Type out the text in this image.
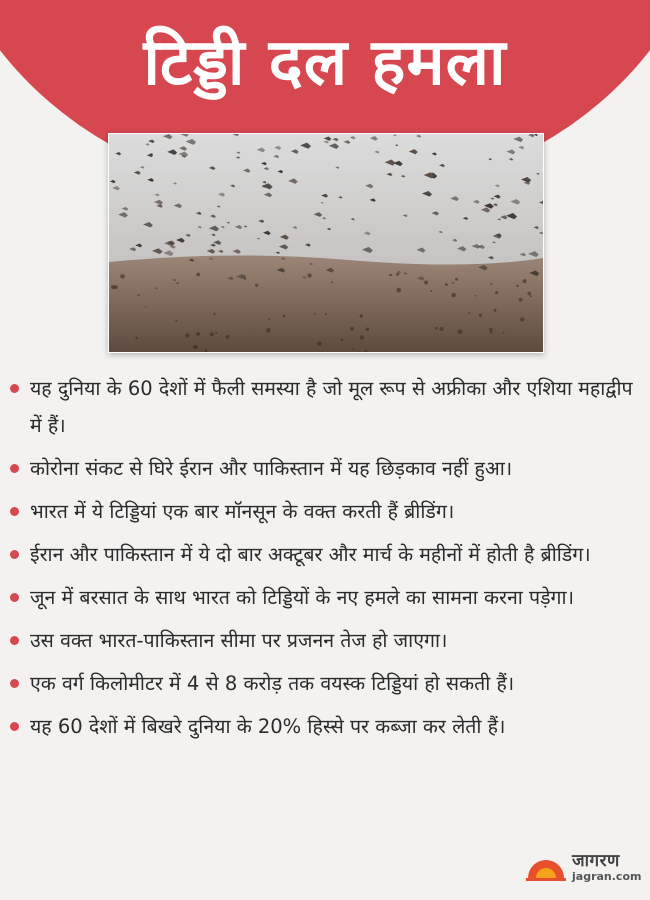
टिड्डी दल हमला
यह दुनिया के 60 देशों में फैली समस्या है जो मूल रूप से अफ्रीका और एशिया महाद्वीप में हैं।
कोरोना संकट से घिरे ईरान और पाकिस्तान में यह छिड़काव नहीं हुआ।
भारत में ये टिड्डियां एक बार मॉनसून के वक्त करती हैं ब्रीडिंग।
ईरान और पाकिस्तान में ये दो बार अक्टूबर और मार्च के महीनों में होती है ब्रीडिंग।
जून में बरसात के साथ भारत को टिड्डियों के नए हमले का सामना करना पड़ेगा।
उस वक्त भारत-पाकिस्तान सीमा पर प्रजनन तेज हो जाएगा।
एक वर्ग किलोमीटर में 4 से 8 करोड़ तक वयस्क टिड्डियां हो सकती हैं।
यह 60 देशों में बिखरे दुनिया के 20% हिस्से पर कब्जा कर लेती हैं।
जागरण
jagran.com
